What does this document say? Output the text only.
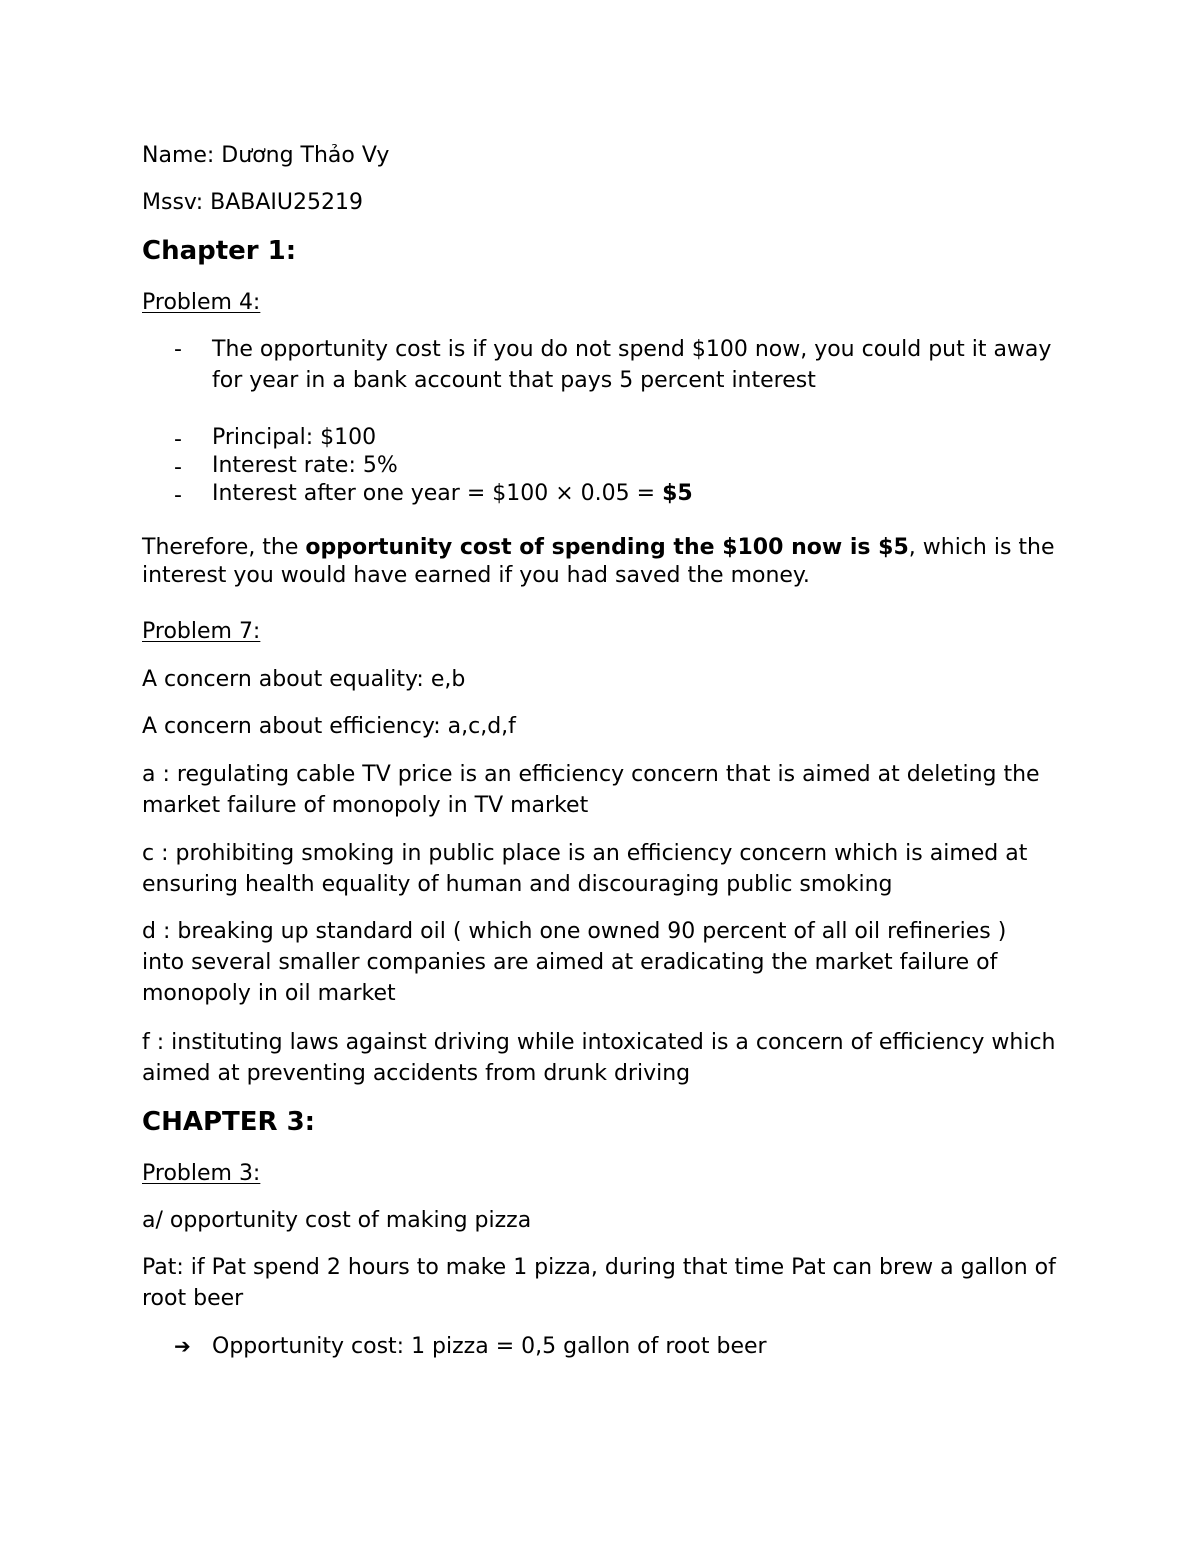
Name: Dương Thảo Vy
Mssv: BABAIU25219
Chapter 1:
Problem 4:
- The opportunity cost is if you do not spend $100 now, you could put it away for year in a bank account that pays 5 percent interest
- Principal: $100
- Interest rate: 5%
- Interest after one year = $100 × 0.05 = $5
Therefore, the opportunity cost of spending the $100 now is $5, which is the interest you would have earned if you had saved the money.
Problem 7:
A concern about equality: e,b
A concern about efficiency: a,c,d,f
a : regulating cable TV price is an efficiency concern that is aimed at deleting the market failure of monopoly in TV market
c : prohibiting smoking in public place is an efficiency concern which is aimed at ensuring health equality of human and discouraging public smoking
d : breaking up standard oil ( which one owned 90 percent of all oil refineries ) into several smaller companies are aimed at eradicating the market failure of monopoly in oil market
f : instituting laws against driving while intoxicated is a concern of efficiency which aimed at preventing accidents from drunk driving
CHAPTER 3:
Problem 3:
a/ opportunity cost of making pizza
Pat: if Pat spend 2 hours to make 1 pizza, during that time Pat can brew a gallon of root beer
➔ Opportunity cost: 1 pizza = 0,5 gallon of root beer
